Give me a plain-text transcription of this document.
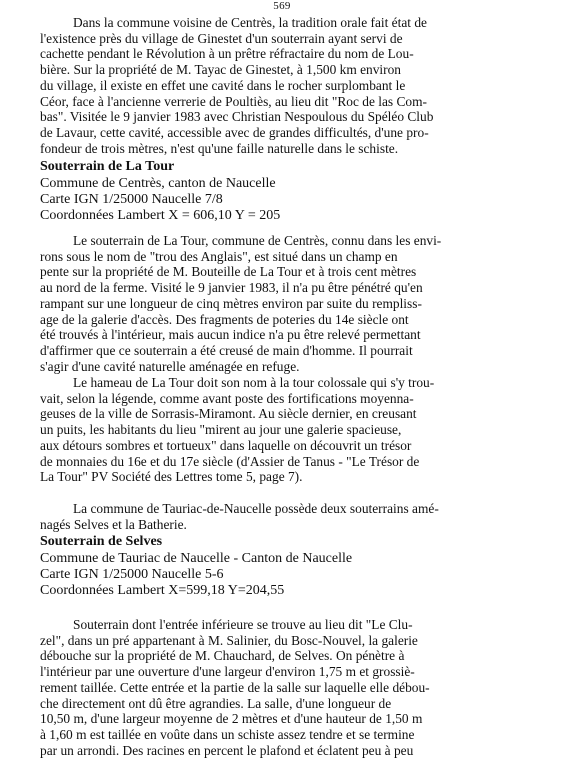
569
Dans la commune voisine de Centrès, la tradition orale fait état de
l'existence près du village de Ginestet d'un souterrain ayant servi de
cachette pendant le Révolution à un prêtre réfractaire du nom de Lou-
bière. Sur la propriété de M. Tayac de Ginestet, à 1,500 km environ
du village, il existe en effet une cavité dans le rocher surplombant le
Céor, face à l'ancienne verrerie de Poultiès, au lieu dit "Roc de las Com-
bas". Visitée le 9 janvier 1983 avec Christian Nespoulous du Spéléo Club
de Lavaur, cette cavité, accessible avec de grandes difficultés, d'une pro-
fondeur de trois mètres, n'est qu'une faille naturelle dans le schiste.
Souterrain de La Tour
Commune de Centrès, canton de Naucelle
Carte IGN 1/25000 Naucelle 7/8
Coordonnées Lambert X = 606,10 Y = 205
Le souterrain de La Tour, commune de Centrès, connu dans les envi-
rons sous le nom de "trou des Anglais", est situé dans un champ en
pente sur la propriété de M. Bouteille de La Tour et à trois cent mètres
au nord de la ferme. Visité le 9 janvier 1983, il n'a pu être pénétré qu'en
rampant sur une longueur de cinq mètres environ par suite du rempliss-
age de la galerie d'accès. Des fragments de poteries du 14e siècle ont
été trouvés à l'intérieur, mais aucun indice n'a pu être relevé permettant
d'affirmer que ce souterrain a été creusé de main d'homme. Il pourrait
s'agir d'une cavité naturelle aménagée en refuge.
Le hameau de La Tour doit son nom à la tour colossale qui s'y trou-
vait, selon la légende, comme avant poste des fortifications moyenna-
geuses de la ville de Sorrasis-Miramont. Au siècle dernier, en creusant
un puits, les habitants du lieu "mirent au jour une galerie spacieuse,
aux détours sombres et tortueux" dans laquelle on découvrit un trésor
de monnaies du 16e et du 17e siècle (d'Assier de Tanus - "Le Trésor de
La Tour" PV Société des Lettres tome 5, page 7).
La commune de Tauriac-de-Naucelle possède deux souterrains amé-
nagés Selves et la Batherie.
Souterrain de Selves
Commune de Tauriac de Naucelle - Canton de Naucelle
Carte IGN 1/25000 Naucelle 5-6
Coordonnées Lambert X=599,18 Y=204,55
Souterrain dont l'entrée inférieure se trouve au lieu dit "Le Clu-
zel", dans un pré appartenant à M. Salinier, du Bosc-Nouvel, la galerie
débouche sur la propriété de M. Chauchard, de Selves. On pénètre à
l'intérieur par une ouverture d'une largeur d'environ 1,75 m et grossiè-
rement taillée. Cette entrée et la partie de la salle sur laquelle elle débou-
che directement ont dû être agrandies. La salle, d'une longueur de
10,50 m, d'une largeur moyenne de 2 mètres et d'une hauteur de 1,50 m
à 1,60 m est taillée en voûte dans un schiste assez tendre et se termine
par un arrondi. Des racines en percent le plafond et éclatent peu à peu
